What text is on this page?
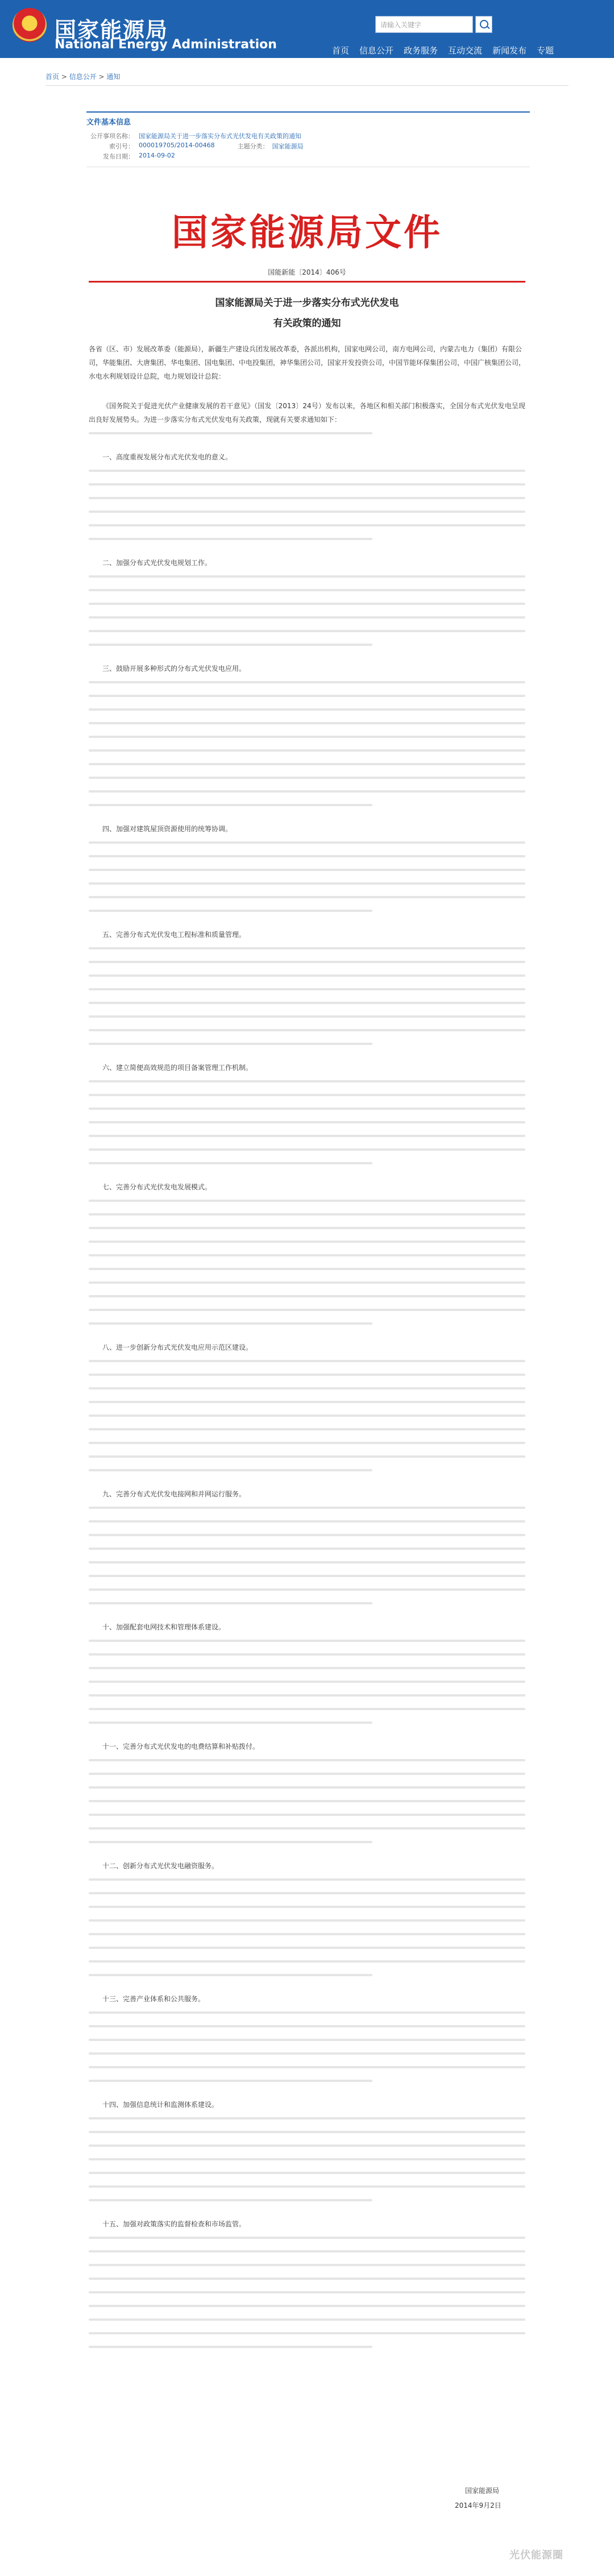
国家能源局
National Energy Administration
请输入关键字
首页 信息公开 政务服务 互动交流 新闻发布 专题
首页 > 信息公开 > 通知
文件基本信息
公开事项名称： 国家能源局关于进一步落实分布式光伏发电有关政策的通知
索引号： 000019705/2014-00468	主题分类： 国家能源局
发布日期： 2014-09-02
国家能源局文件
国能新能〔2014〕406号
国家能源局关于进一步落实分布式光伏发电
有关政策的通知
各省（区、市）发展改革委（能源局），新疆生产建设兵团发展改革委，各派出机构，国家电网公司，南方电网公司，内蒙古电力（集团）有限公司，华能集团、大唐集团、华电集团、国电集团、中电投集团，神华集团公司，国家开发投资公司，中国节能环保集团公司，中国广核集团公司，水电水利规划设计总院，电力规划设计总院：
《国务院关于促进光伏产业健康发展的若干意见》（国发〔2013〕24号）发布以来，各地区和相关部门积极落实，全国分布式光伏发电呈现出良好发展势头。为进一步落实分布式光伏发电有关政策，现就有关要求通知如下：
一、高度重视发展分布式光伏发电的意义。
二、加强分布式光伏发电规划工作。
三、鼓励开展多种形式的分布式光伏发电应用。
四、加强对建筑屋顶资源使用的统筹协调。
五、完善分布式光伏发电工程标准和质量管理。
六、建立简便高效规范的项目备案管理工作机制。
七、完善分布式光伏发电发展模式。
八、进一步创新分布式光伏发电应用示范区建设。
九、完善分布式光伏发电接网和并网运行服务。
十、加强配套电网技术和管理体系建设。
十一、完善分布式光伏发电的电费结算和补贴拨付。
十二、创新分布式光伏发电融资服务。
十三、完善产业体系和公共服务。
十四、加强信息统计和监测体系建设。
十五、加强对政策落实的监督检查和市场监管。
国家能源局
2014年9月2日
光伏能源圈
